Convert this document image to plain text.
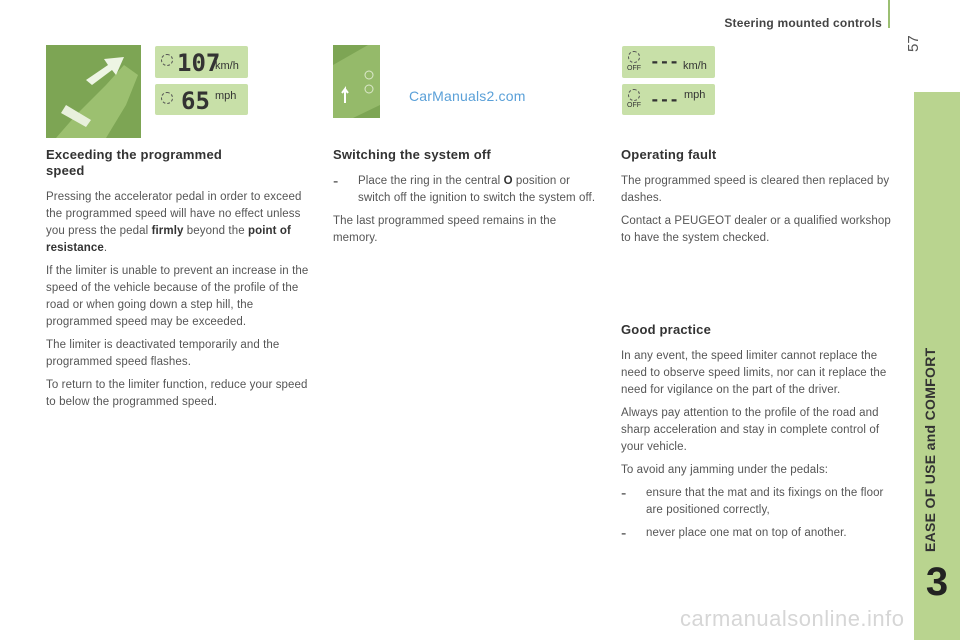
Steering mounted controls
57
EASE OF USE and COMFORT
3
107
km/h
65 mph	CarManuals2.com
OFF --- km/h
OFF --- mph
Exceeding the programmed speed

Pressing the accelerator pedal in order to exceed the programmed speed will have no effect unless you press the pedal firmly beyond the point of resistance.

If the limiter is unable to prevent an increase in the speed of the vehicle because of the profile of the road or when going down a step hill, the programmed speed may be exceeded.

The limiter is deactivated temporarily and the programmed speed flashes.

To return to the limiter function, reduce your speed to below the programmed speed.

Switching the system off
-	Place the ring in the central O position or switch off the ignition to switch the system off.

The last programmed speed remains in the memory.

Operating fault

The programmed speed is cleared then replaced by dashes.

Contact a PEUGEOT dealer or a qualified workshop to have the system checked.

Good practice

In any event, the speed limiter cannot replace the need to observe speed limits, nor can it replace the need for vigilance on the part of the driver.

Always pay attention to the profile of the road and sharp acceleration and stay in complete control of your vehicle.

To avoid any jamming under the pedals:

-	ensure that the mat and its fixings on the floor are positioned correctly,

-	never place one mat on top of another.

carmanualsonline.info
